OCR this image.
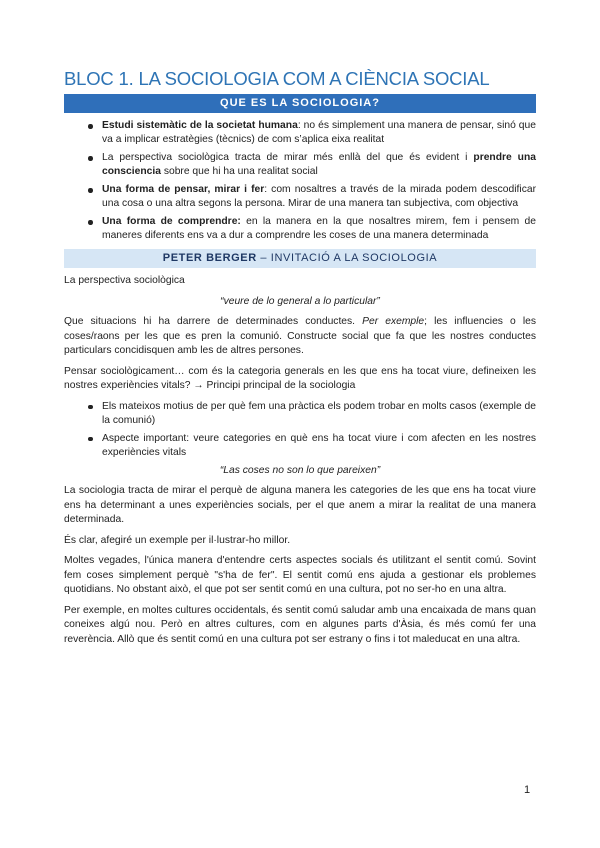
BLOC 1. LA SOCIOLOGIA COM A CIÈNCIA SOCIAL
QUE ES LA SOCIOLOGIA?
Estudi sistemàtic de la societat humana: no és simplement una manera de pensar, sinó que va a implicar estratègies (tècnics) de com s’aplica eixa realitat
La perspectiva sociològica tracta de mirar més enllà del que és evident i prendre una consciencia sobre que hi ha una realitat social
Una forma de pensar, mirar i fer: com nosaltres a través de la mirada podem descodificar una cosa o una altra segons la persona. Mirar de una manera tan subjectiva, com objectiva
Una forma de comprendre: en la manera en la que nosaltres mirem, fem i pensem de maneres diferents ens va a dur a comprendre les coses de una manera determinada
PETER BERGER – INVITACIÓ A LA SOCIOLOGIA

La perspectiva sociològica

“veure de lo general a lo particular”

Que situacions hi ha darrere de determinades conductes. Per exemple; les influencies o les coses/raons per les que es pren la comunió. Constructe social que fa que les nostres conductes particulars concidisquen amb les de altres persones.

Pensar sociològicament… com és la categoria generals en les que ens ha tocat viure, defineixen les nostres experiències vitals? → Principi principal de la sociologia

Els mateixos motius de per què fem una pràctica els podem trobar en molts casos (exemple de la comunió)
Aspecte important: veure categories en què ens ha tocat viure i com afecten en les nostres experiències vitals

“Las coses no son lo que pareixen”

La sociologia tracta de mirar el perquè de alguna manera les categories de les que ens ha tocat viure ens ha determinant a unes experiències socials, per el que anem a mirar la realitat de una manera determinada.

És clar, afegiré un exemple per il·lustrar-ho millor.

Moltes vegades, l'única manera d'entendre certs aspectes socials és utilitzant el sentit comú. Sovint fem coses simplement perquè "s'ha de fer". El sentit comú ens ajuda a gestionar els problemes quotidians. No obstant això, el que pot ser sentit comú en una cultura, pot no ser-ho en una altra.

Per exemple, en moltes cultures occidentals, és sentit comú saludar amb una encaixada de mans quan coneixes algú nou. Però en altres cultures, com en algunes parts d'Àsia, és més comú fer una reverència. Allò que és sentit comú en una cultura pot ser estrany o fins i tot maleducat en una altra.

1
